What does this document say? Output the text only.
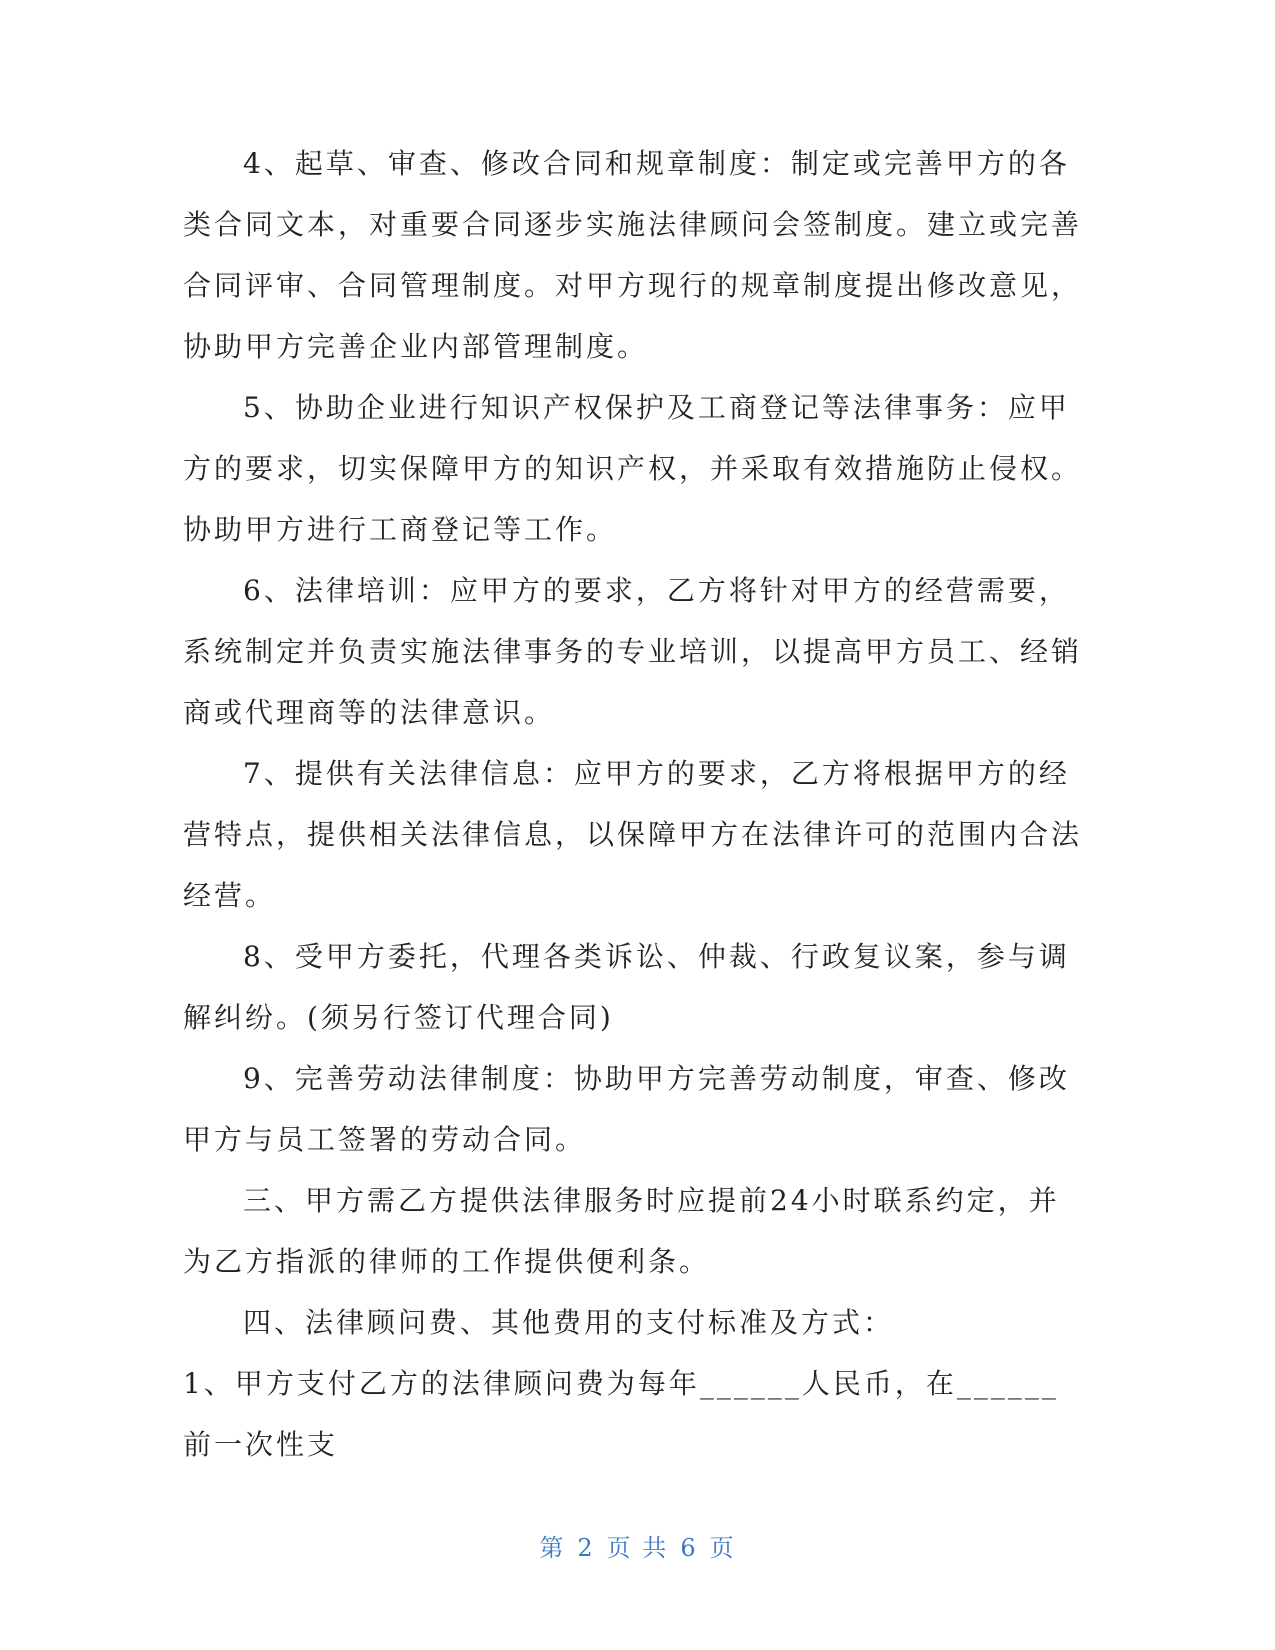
4、起草、审查、修改合同和规章制度：制定或完善甲方的各类合同文本，对重要合同逐步实施法律顾问会签制度。建立或完善合同评审、合同管理制度。对甲方现行的规章制度提出修改意见，协助甲方完善企业内部管理制度。

5、协助企业进行知识产权保护及工商登记等法律事务：应甲方的要求，切实保障甲方的知识产权，并采取有效措施防止侵权。协助甲方进行工商登记等工作。

6、法律培训：应甲方的要求，乙方将针对甲方的经营需要，系统制定并负责实施法律事务的专业培训，以提高甲方员工、经销商或代理商等的法律意识。

7、提供有关法律信息：应甲方的要求，乙方将根据甲方的经营特点，提供相关法律信息，以保障甲方在法律许可的范围内合法经营。

8、受甲方委托，代理各类诉讼、仲裁、行政复议案，参与调解纠纷。(须另行签订代理合同)

9、完善劳动法律制度：协助甲方完善劳动制度，审查、修改甲方与员工签署的劳动合同。

三、甲方需乙方提供法律服务时应提前24小时联系约定，并为乙方指派的律师的工作提供便利条。

四、法律顾问费、其他费用的支付标准及方式：

1、甲方支付乙方的法律顾问费为每年______人民币，在______前一次性支

第 2 页 共 6 页
